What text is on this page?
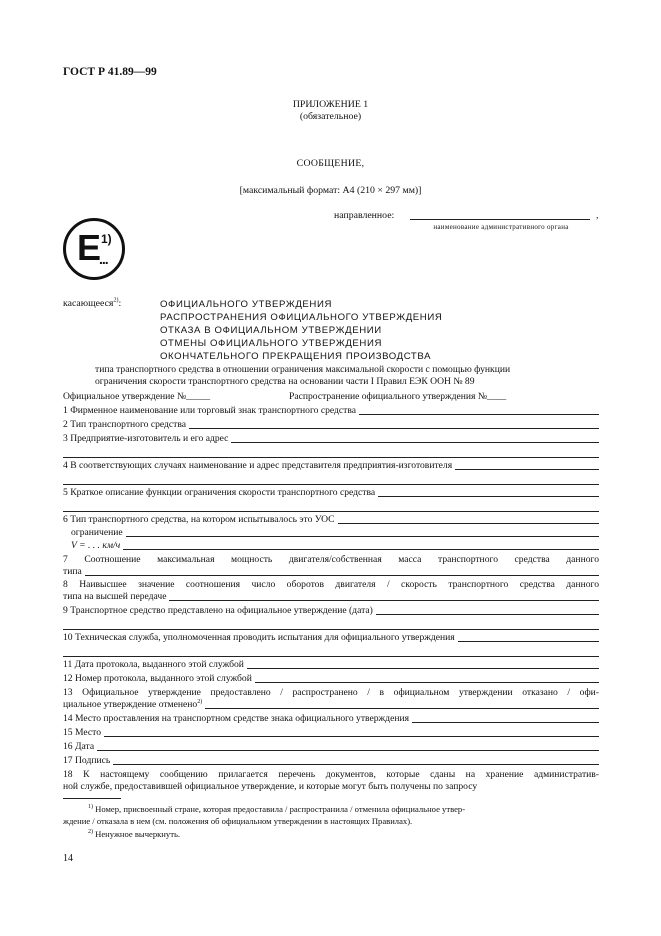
ГОСТ Р 41.89—99
ПРИЛОЖЕНИЕ 1
(обязательное)
СООБЩЕНИЕ,
[максимальный формат: А4 (210 × 297 мм)]
направленное:	,
наименование административного органа
E 1)
...
касающееся$^{2)}$:	ОФИЦИАЛЬНОГО УТВЕРЖДЕНИЯ
РАСПРОСТРАНЕНИЯ ОФИЦИАЛЬНОГО УТВЕРЖДЕНИЯ
ОТКАЗА В ОФИЦИАЛЬНОМ УТВЕРЖДЕНИИ
ОТМЕНЫ ОФИЦИАЛЬНОГО УТВЕРЖДЕНИЯ
ОКОНЧАТЕЛЬНОГО ПРЕКРАЩЕНИЯ ПРОИЗВОДСТВА
типа транспортного средства в отношении ограничения максимальной скорости с помощью функции
ограничения скорости транспортного средства на основании части I Правил ЕЭК ООН № 89
Официальное утверждение №_____	Распространение официального утверждения №____
1 Фирменное наименование или торговый знак транспортного средства
2 Тип транспортного средства
3 Предприятие-изготовитель и его адрес
4 В соответствующих случаях наименование и адрес представителя предприятия-изготовителя
5 Краткое описание функции ограничения скорости транспортного средства
6 Тип транспортного средства, на котором испытывалось это УОС
ограничение
V = . . . км/ч
7 Соотношение максимальная мощность двигателя/собственная масса транспортного средства данного
типа
8 Наивысшее значение соотношения число оборотов двигателя / скорость транспортного средства данного
типа на высшей передаче
9 Транспортное средство представлено на официальное утверждение (дата)
10 Техническая служба, уполномоченная проводить испытания для официального утверждения
11 Дата протокола, выданного этой службой
12 Номер протокола, выданного этой службой
13 Официальное утверждение предоставлено / распространено / в официальном утверждении отказано / офи-
циальное утверждение отменено$^{2)}$
14 Место проставления на транспортном средстве знака официального утверждения
15 Место
16 Дата
17 Подпись
18 К настоящему сообщению прилагается перечень документов, которые сданы на хранение административ-
ной службе, предоставившей официальное утверждение, и которые могут быть получены по запросу
$^{1)}$ Номер, присвоенный стране, которая предоставила / распространила / отменила официальное утвер-
ждение / отказала в нем (см. положения об официальном утверждении в настоящих Правилах).
$^{2)}$ Ненужное вычеркнуть.
14
